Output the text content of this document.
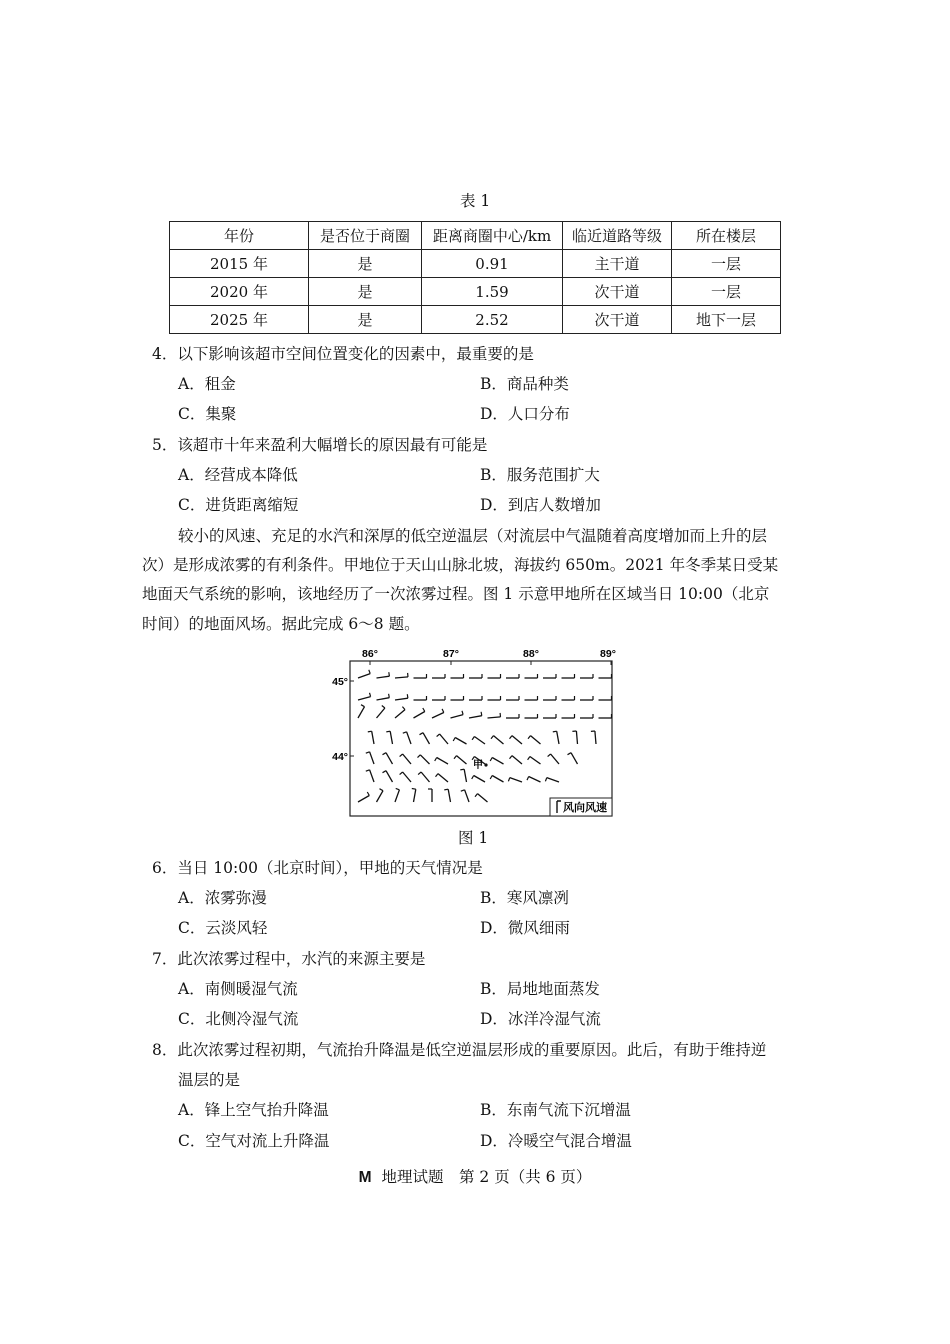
表 1
年份	是否位于商圈	距离商圈中心/km	临近道路等级	所在楼层
2015 年	是	0.91	主干道	一层
2020 年	是	1.59	次干道	一层
2025 年	是	2.52	次干道	地下一层
4．以下影响该超市空间位置变化的因素中，最重要的是
A．租金	B．商品种类
C．集聚	D．人口分布
5．该超市十年来盈利大幅增长的原因最有可能是
A．经营成本降低	B．服务范围扩大
C．进货距离缩短	D．到店人数增加
较小的风速、充足的水汽和深厚的低空逆温层（对流层中气温随着高度增加而上升的层
次）是形成浓雾的有利条件。甲地位于天山山脉北坡，海拔约 650m。2021 年冬季某日受某
地面天气系统的影响，该地经历了一次浓雾过程。图 1 示意甲地所在区域当日 10:00（北京
时间）的地面风场。据此完成 6～8 题。
86°	87°	88°	89°
45°
44°
甲
风向风速
图 1
6．当日 10:00（北京时间），甲地的天气情况是
A．浓雾弥漫	B．寒风凛冽
C．云淡风轻	D．微风细雨
7．此次浓雾过程中，水汽的来源主要是
A．南侧暖湿气流	B．局地地面蒸发
C．北侧冷湿气流	D．冰洋冷湿气流
8．此次浓雾过程初期，气流抬升降温是低空逆温层形成的重要原因。此后，有助于维持逆
温层的是
A．锋上空气抬升降温	B．东南气流下沉增温
C．空气对流上升降温	D．冷暖空气混合增温
M 地理试题　第 2 页（共 6 页）
